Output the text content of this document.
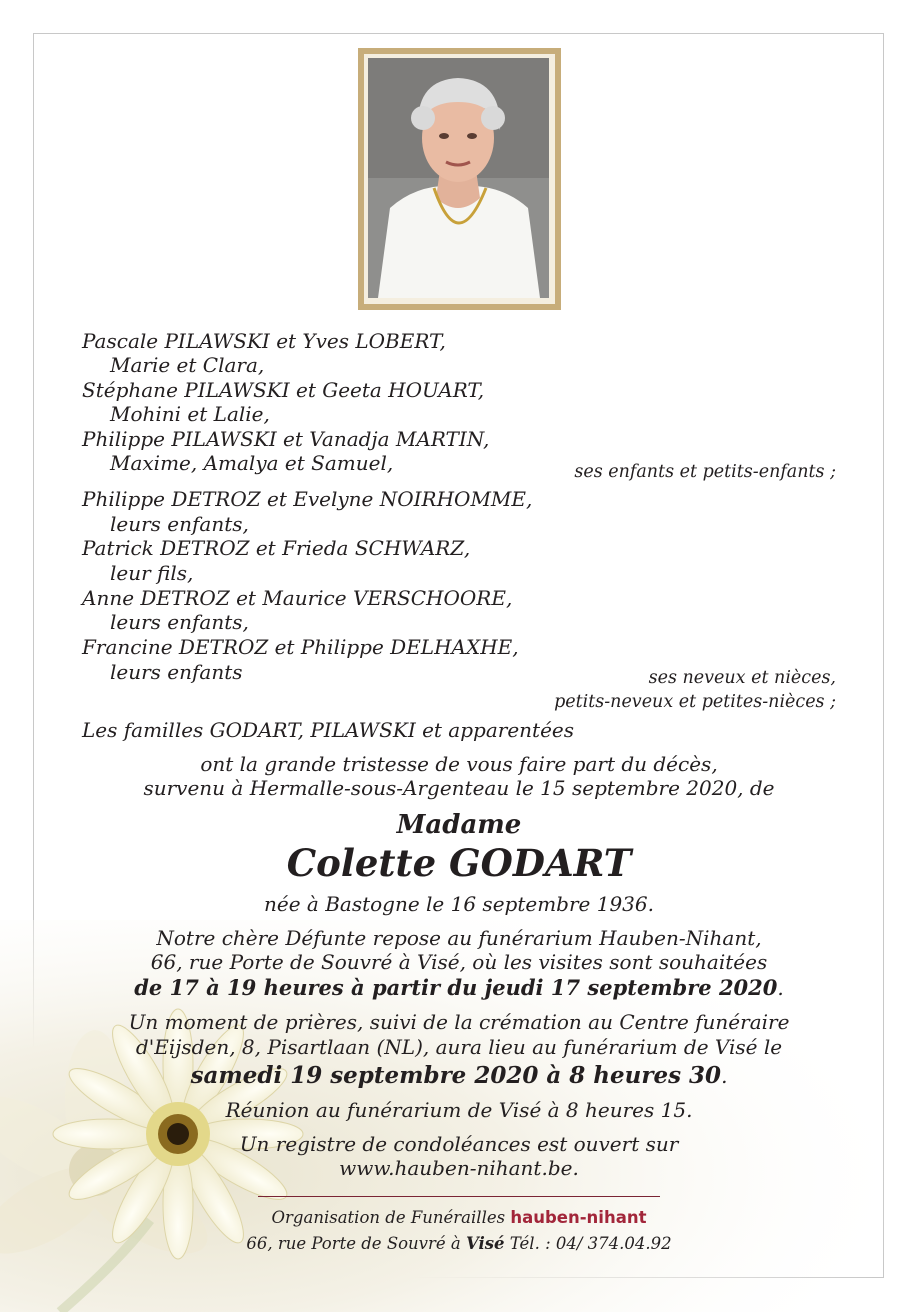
Pascale PILAWSKI et Yves LOBERT,
Marie et Clara,
Stéphane PILAWSKI et Geeta HOUART,
Mohini et Lalie,
Philippe PILAWSKI et Vanadja MARTIN,
Maxime, Amalya et Samuel,	ses enfants et petits-enfants ;
Philippe DETROZ et Evelyne NOIRHOMME,
leurs enfants,
Patrick DETROZ et Frieda SCHWARZ,
leur fils,
Anne DETROZ et Maurice VERSCHOORE,
leurs enfants,
Francine DETROZ et Philippe DELHAXHE,
leurs enfants	ses neveux et nièces,
petits-neveux et petites-nièces ;
Les familles GODART, PILAWSKI et apparentées
ont la grande tristesse de vous faire part du décès,
survenu à Hermalle-sous-Argenteau le 15 septembre 2020, de
Madame
Colette GODART
née à Bastogne le 16 septembre 1936.
Notre chère Défunte repose au funérarium Hauben-Nihant,
66, rue Porte de Souvré à Visé, où les visites sont souhaitées
de 17 à 19 heures à partir du jeudi 17 septembre 2020.
Un moment de prières, suivi de la crémation au Centre funéraire
d'Eijsden, 8, Pisartlaan (NL), aura lieu au funérarium de Visé le
samedi 19 septembre 2020 à 8 heures 30.
Réunion au funérarium de Visé à 8 heures 15.
Un registre de condoléances est ouvert sur
www.hauben-nihant.be.
Organisation de Funérailles hauben-nihant
66, rue Porte de Souvré à Visé Tél. : 04/ 374.04.92
